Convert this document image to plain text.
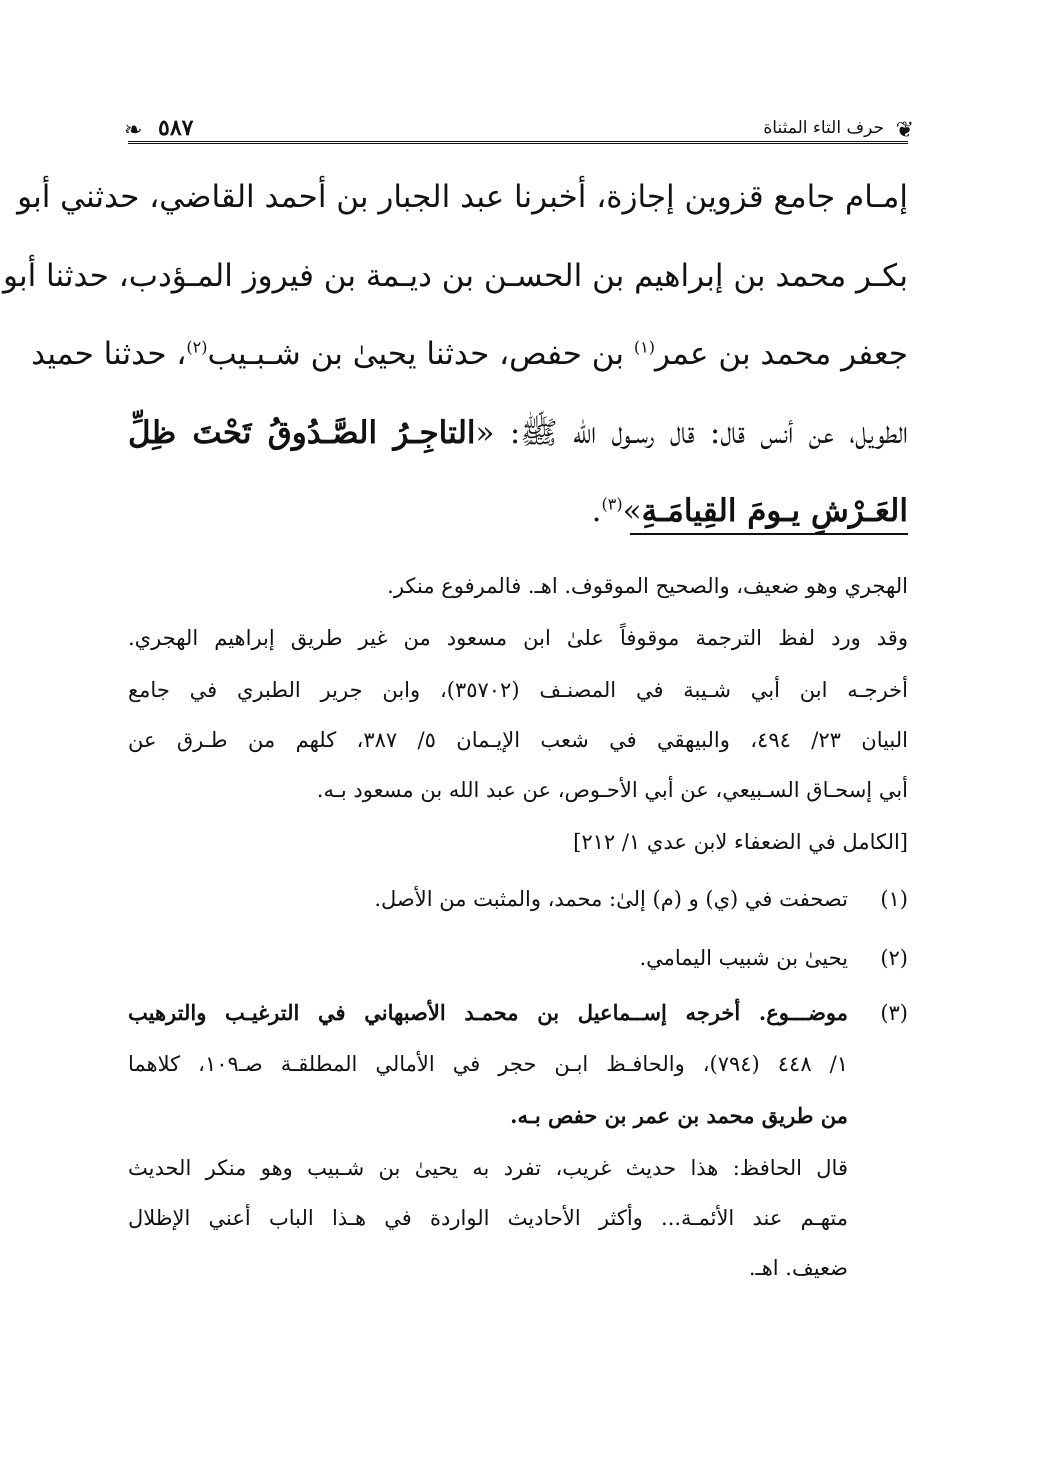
❦
حرف التاء المثناة
٥٨٧
❧
إمـام جامع قزوين إجازة، أخبرنا عبد الجبار بن أحمد القاضي، حدثني أبو
بكـر محمد بن إبراهيم بن الحسـن بن ديـمة بن فيروز المـؤدب، حدثنا أبو
جعفر محمد بن عمر$^{(١)}$ بن حفص، حدثنا يحيىٰ بن شـبـيب$^{(٢)}$، حدثنا حميد
الطويل، عن أنس قال: قال رسـول الله ﷺ: «التاجِـرُ الصَّـدُوقُ تَحْتَ ظِلِّ
العَـرْشِ يـومَ القِيامَـةِ»$^{(٣)}$.
الهجري وهو ضعيف، والصحيح الموقوف. اهـ. فالمرفوع منكر.
وقد ورد لفظ الترجمة موقوفاً علىٰ ابن مسعود من غير طريق إبراهيم الهجري.
أخرجـه ابن أبي شـيبة في المصنـف (٣٥٧٠٢)، وابن جرير الطبري في جامع
البيان ٢٣/ ٤٩٤، والبيهقي في شعب الإيـمان ٥/ ٣٨٧، كلهم من طـرق عن
أبي إسحـاق السـبيعي، عن أبي الأحـوص، عن عبد الله بن مسعود بـه.
[الكامل في الضعفاء لابن عدي ١/ ٢١٢]
(١)
تصحفت في (ي) و (م) إلىٰ: محمد، والمثبت من الأصل.
(٢)
يحيىٰ بن شبيب اليمامي.
(٣)
موضـــوع. أخرجه إســماعيل بن محمـد الأصبهاني في الترغيـب والترهيب
١/ ٤٤٨ (٧٩٤)، والحافـظ ابـن حجر في الأمالي المطلقـة صـ١٠٩، كلاهما
من طريق محمد بن عمر بن حفص بـه.
قال الحافظ: هذا حديث غريب، تفرد به يحيىٰ بن شـبيب وهو منكر الحديث
متهـم عند الأئمـة... وأكثر الأحاديث الواردة في هـذا الباب أعني الإظلال
ضعيف. اهـ.
